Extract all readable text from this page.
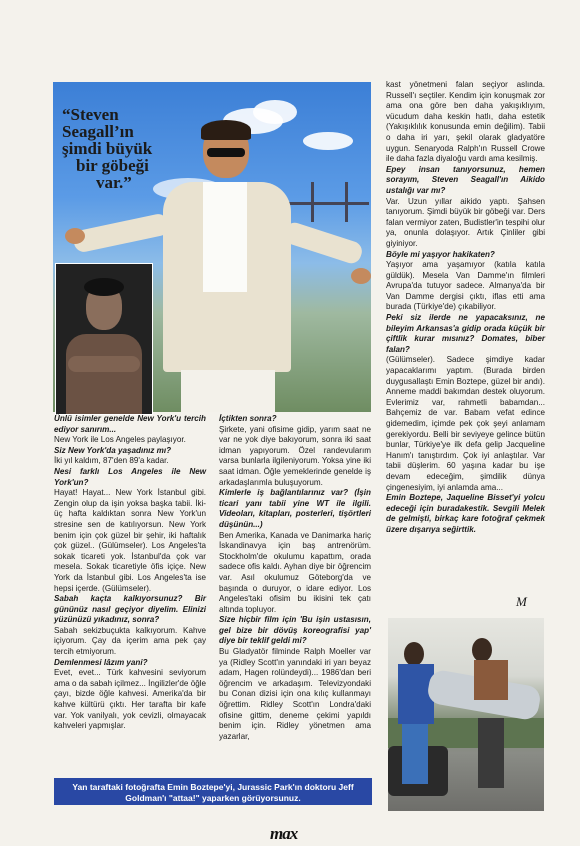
“Steven
Seagall’ın
şimdi büyük
bir göbeği
var.”

Ünlü isimler genelde New York'u tercih ediyor sanırım...

New York ile Los Angeles paylaşıyor.

Siz New York'da yaşadınız mı?

İki yıl kaldım, 87'den 89'a kadar.

Nesi farklı Los Angeles ile New York'un?

Hayat! Hayat... New York İstanbul gibi. Zengin olup da işin yoksa başka tabii. İki-üç hafta kaldıktan sonra New York'un stresine sen de katılıyorsun. New York benim için çok güzel bir şehir, iki haftalık çok güzel.. (Gülümseler). Los Angeles'ta sokak ticareti yok. İstanbul'da çok var mesela. Sokak ticaretiyle öfis içiçe. New York da İstanbul gibi. Los Angeles'ta ise hepsi içerde. (Gülümseler).

Sabah kaçta kalkıyorsunuz? Bir gününüz nasıl geçiyor diyelim. Elinizi yüzünüzü yıkadınız, sonra?

Sabah sekizbuçukta kalkıyorum. Kahve içiyorum. Çay da içerim ama pek çay tercih etmiyorum.

Demlenmesi lâzım yani?

Evet, evet... Türk kahvesini seviyorum ama o da sabah içilmez... İngilizler'de öğle çayı, bizde öğle kahvesi. Amerika'da bir kahve kültürü çıktı. Her tarafta bir kafe var. Yok vanilyalı, yok cevizli, olmayacak kahveleri yapmışlar.

İçtikten sonra?

Şirkete, yani ofisime gidip, yarım saat ne var ne yok diye bakıyorum, sonra iki saat idman yapıyorum. Özel randevularım varsa bunlarla ilgileniyorum. Yoksa yine iki saat idman. Öğle yemeklerinde genelde iş arkadaşlarımla buluşuyorum.

Kimlerle iş bağlantılarınız var? (İşin ticari yanı tabii yine WT ile ilgili. Videoları, kitapları, posterleri, tişörtleri düşünün...)

Ben Amerika, Kanada ve Danimarka hariç İskandinavya için baş antrenörüm. Stockholm'de okulumu kapattım, orada sadece ofis kaldı. Ayhan diye bir öğrencim var. Asıl okulumuz Göteborg'da ve başında o duruyor, o idare ediyor. Los Angeles'taki ofisim bu ikisini tek çatı altında topluyor.

Size hiçbir film için 'Bu işin ustasısın, gel bize bir dövüş koreografisi yap' diye bir teklif geldi mi?

Bu Gladyatör filminde Ralph Moeller var ya (Ridley Scott'ın yanındaki iri yarı beyaz adam, Hagen rolündeydi)... 1986'dan beri öğrencim ve arkadaşım. Televizyondaki bu Conan dizisi için ona kılıç kullanmayı öğrettim. Ridley Scott'ın Londra'daki ofisine gittim, deneme çekimi yapıldı benim için. Ridley yönetmen ama yazarlar,

kast yönetmeni falan seçiyor aslında. Russell'ı seçtiler. Kendim için konuşmak zor ama ona göre ben daha yakışıklıyım, vücudum daha keskin hatlı, daha estetik (Yakışıklılık konusunda emin değilim). Tabii o daha iri yarı, şekil olarak gladyatöre uygun. Senaryoda Ralph'ın Russell Crowe ile daha fazla diyaloğu vardı ama kesilmiş.

Epey insan tanıyorsunuz, hemen sorayım, Steven Seagall'ın Aikido ustalığı var mı?

Var. Uzun yıllar aikido yaptı. Şahsen tanıyorum. Şimdi büyük bir göbeği var. Ders falan vermiyor zaten, Budistler'in tespihi olur ya, onunla dolaşıyor. Artık Çinliler gibi giyiniyor.

Böyle mi yaşıyor hakikaten?

Yaşıyor ama yaşamıyor (katıla katıla güldük). Mesela Van Damme'ın filmleri Avrupa'da tutuyor sadece. Almanya'da bir Van Damme dergisi çıktı, iflas etti ama burada (Türkiye'de) çıkabiliyor.

Peki siz ilerde ne yapacaksınız, ne bileyim Arkansas'a gidip orada küçük bir çiftlik kurar mısınız? Domates, biber falan?

(Gülümseler). Sadece şimdiye kadar yapacaklarımı yaptım. (Burada birden duygusallaştı Emin Boztepe, güzel bir andı). Anneme maddi bakımdan destek oluyorum. Evlerimiz var, rahmetli babamdan... Bahçemiz de var. Babam vefat edince gidemedim, içimde pek çok şeyi anlamam gerekiyordu. Belli bir seviyeye gelince bütün bunlar, Türkiye'ye ilk defa gelip Jacqueline Hanım'ı tanıştırdım. Çok iyi anlaştılar. Var tabii düşlerim. 60 yaşına kadar bu işe devam edeceğim, şimdilik dünya çingenesiyim, iyi anlamda ama...

Emin Boztepe, Jaqueline Bisset'yi yolcu edeceği için buradakestik. Sevgili Melek de gelmişti, birkaç kare fotoğraf çekmek üzere dışarıya seğirttik.

M
Yan taraftaki fotoğrafta Emin Boztepe'yi, Jurassic Park'ın doktoru Jeff Goldman'ı "attaa!" yaparken görüyorsunuz.
max
